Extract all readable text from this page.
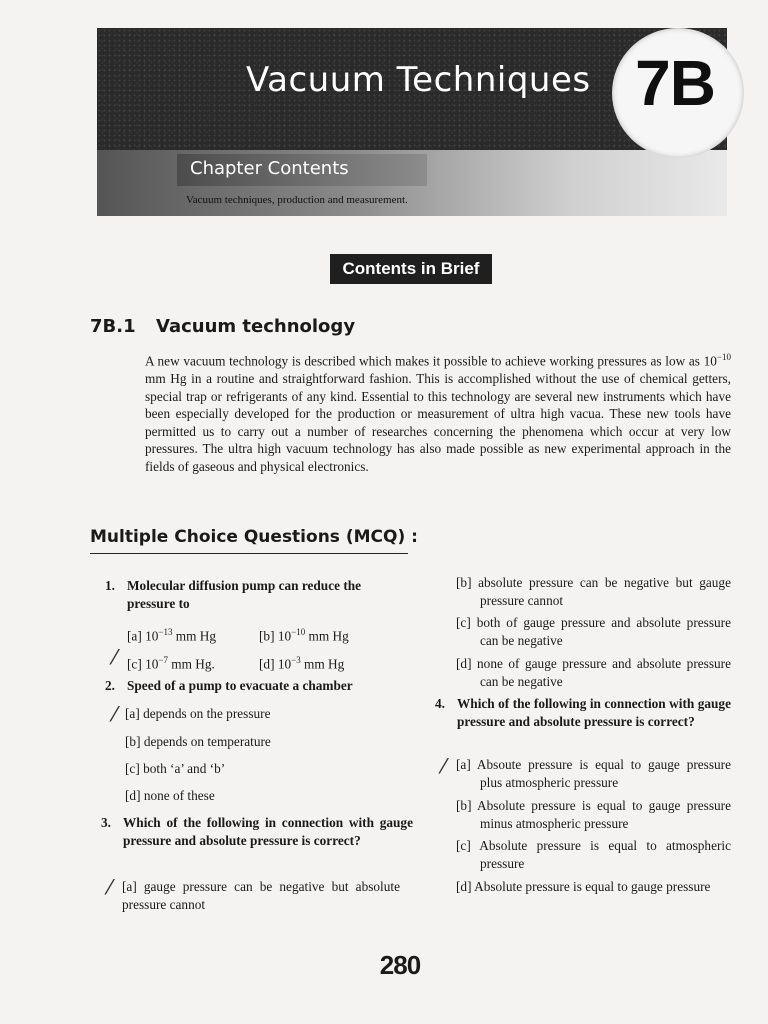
Vacuum Techniques 7B
Chapter Contents
Vacuum techniques, production and measurement.
Contents in Brief
7B.1 Vacuum technology

A new vacuum technology is described which makes it possible to achieve working pressures as low as $10^{-10}$ mm Hg in a routine and straightforward fashion. This is accomplished without the use of chemical getters, special trap or refrigerants of any kind. Essential to this technology are several new instruments which have been especially developed for the production or measurement of ultra high vacua. These new tools have permitted us to carry out a number of researches concerning the phenomena which occur at very low pressures. The ultra high vacuum technology has also made possible as new experimental approach in the fields of gaseous and physical electronics.

Multiple Choice Questions (MCQ) :
1. Molecular diffusion pump can reduce the pressure to
[a] $10^{-13}$ mm Hg	[b] $10^{-10}$ mm Hg
[c] $10^{-7}$ mm Hg.	[d] $10^{-3}$ mm Hg
⁄
2. Speed of a pump to evacuate a chamber
[a] depends on the pressure
⁄
[b] depends on temperature
[c] both ‘a’ and ‘b’
[d] none of these
3. Which of the following in connection with gauge pressure and absolute pressure is correct?
[a] gauge pressure can be negative but absolute pressure cannot
⁄
[b] absolute pressure can be negative but gauge pressure cannot
[c] both of gauge pressure and absolute pressure can be negative
[d] none of gauge pressure and absolute pressure can be negative
4. Which of the following in connection with gauge pressure and absolute pressure is correct?
[a] Absoute pressure is equal to gauge pressure plus atmospheric pressure
⁄
[b] Absolute pressure is equal to gauge pressure minus atmospheric pressure
[c] Absolute pressure is equal to atmospheric pressure
[d] Absolute pressure is equal to gauge pressure
280
